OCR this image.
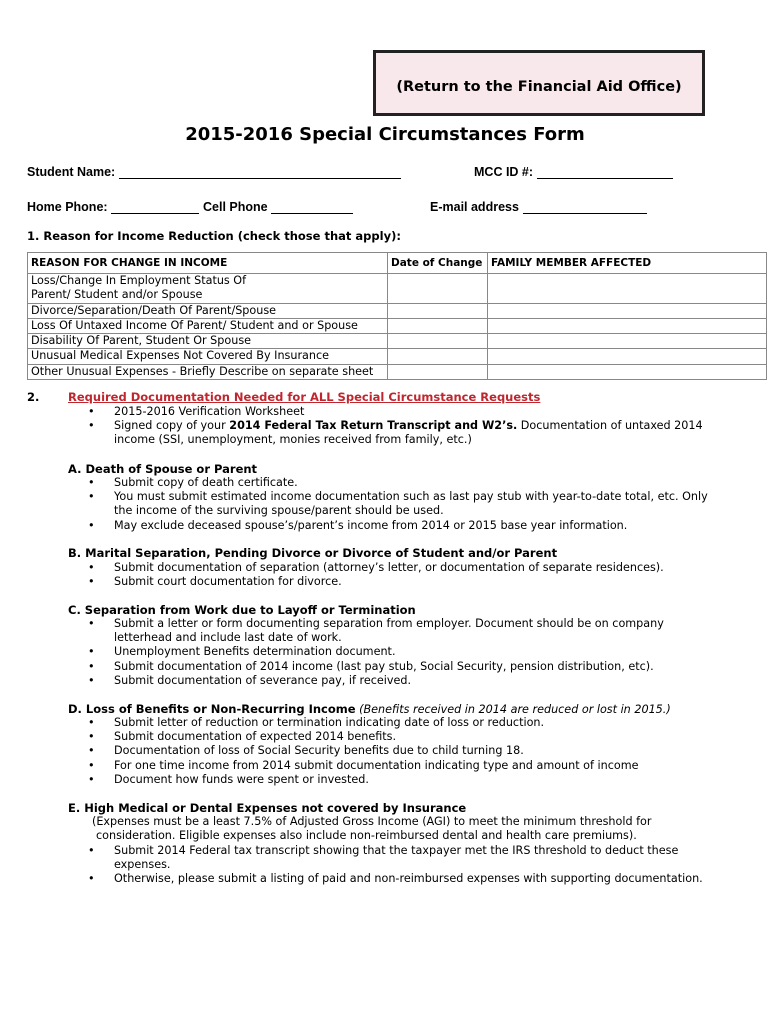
(Return to the Financial Aid Office)
2015-2016 Special Circumstances Form
Student Name:	MCC ID #:
Home Phone:	Cell Phone	E-mail address
1. Reason for Income Reduction (check those that apply):
REASON FOR CHANGE IN INCOME	Date of Change	FAMILY MEMBER AFFECTED

Loss/Change In Employment Status Of
Parent/ Student and/or Spouse		

Divorce/Separation/Death Of Parent/Spouse		
Loss Of Untaxed Income Of Parent/ Student and or Spouse		
Disability Of Parent, Student Or Spouse		
Unusual Medical Expenses Not Covered By Insurance		
Other Unusual Expenses - Briefly Describe on separate sheet		
2. Required Documentation Needed for ALL Special Circumstance Requests
• 2015-2016 Verification Worksheet
• Signed copy of your 2014 Federal Tax Return Transcript and W2’s. Documentation of untaxed 2014 income (SSI, unemployment, monies received from family, etc.)
A. Death of Spouse or Parent
• Submit copy of death certificate.
• You must submit estimated income documentation such as last pay stub with year-to-date total, etc. Only the income of the surviving spouse/parent should be used.
• May exclude deceased spouse’s/parent’s income from 2014 or 2015 base year information.
B. Marital Separation, Pending Divorce or Divorce of Student and/or Parent
• Submit documentation of separation (attorney’s letter, or documentation of separate residences).
• Submit court documentation for divorce.
C. Separation from Work due to Layoff or Termination
• Submit a letter or form documenting separation from employer. Document should be on company letterhead and include last date of work.
• Unemployment Benefits determination document.
• Submit documentation of 2014 income (last pay stub, Social Security, pension distribution, etc).
• Submit documentation of severance pay, if received.
D. Loss of Benefits or Non-Recurring Income (Benefits received in 2014 are reduced or lost in 2015.)
• Submit letter of reduction or termination indicating date of loss or reduction.
• Submit documentation of expected 2014 benefits.
• Documentation of loss of Social Security benefits due to child turning 18.
• For one time income from 2014 submit documentation indicating type and amount of income
• Document how funds were spent or invested.
E. High Medical or Dental Expenses not covered by Insurance
(Expenses must be a least 7.5% of Adjusted Gross Income (AGI) to meet the minimum threshold for
consideration. Eligible expenses also include non-reimbursed dental and health care premiums).
• Submit 2014 Federal tax transcript showing that the taxpayer met the IRS threshold to deduct these expenses.
• Otherwise, please submit a listing of paid and non-reimbursed expenses with supporting documentation.
